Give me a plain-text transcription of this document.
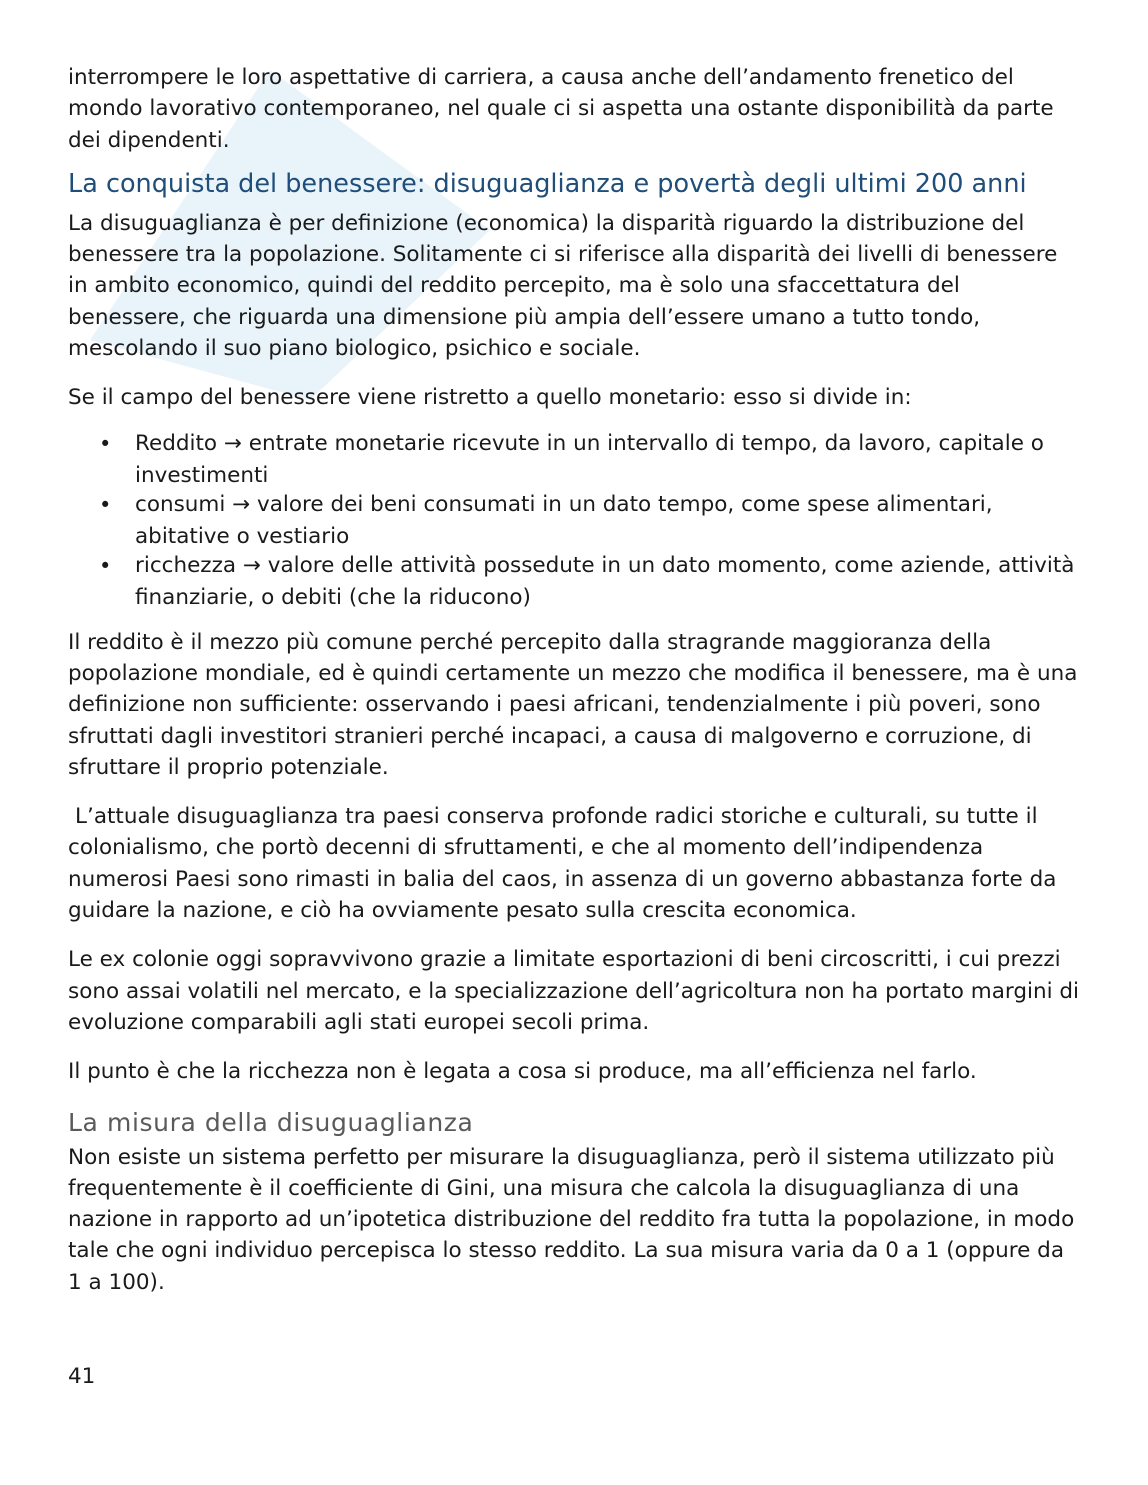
interrompere le loro aspettative di carriera, a causa anche dell’andamento frenetico del mondo lavorativo contemporaneo, nel quale ci si aspetta una ostante disponibilità da parte dei dipendenti.

La conquista del benessere: disuguaglianza e povertà degli ultimi 200 anni

La disuguaglianza è per definizione (economica) la disparità riguardo la distribuzione del benessere tra la popolazione. Solitamente ci si riferisce alla disparità dei livelli di benessere in ambito economico, quindi del reddito percepito, ma è solo una sfaccettatura del benessere, che riguarda una dimensione più ampia dell’essere umano a tutto tondo, mescolando il suo piano biologico, psichico e sociale.

Se il campo del benessere viene ristretto a quello monetario: esso si divide in:

• Reddito → entrate monetarie ricevute in un intervallo di tempo, da lavoro, capitale o investimenti
• consumi → valore dei beni consumati in un dato tempo, come spese alimentari, abitative o vestiario
• ricchezza → valore delle attività possedute in un dato momento, come aziende, attività finanziarie, o debiti (che la riducono)

Il reddito è il mezzo più comune perché percepito dalla stragrande maggioranza della popolazione mondiale, ed è quindi certamente un mezzo che modifica il benessere, ma è una definizione non sufficiente: osservando i paesi africani, tendenzialmente i più poveri, sono sfruttati dagli investitori stranieri perché incapaci, a causa di malgoverno e corruzione, di sfruttare il proprio potenziale.

L’attuale disuguaglianza tra paesi conserva profonde radici storiche e culturali, su tutte il colonialismo, che portò decenni di sfruttamenti, e che al momento dell’indipendenza numerosi Paesi sono rimasti in balia del caos, in assenza di un governo abbastanza forte da guidare la nazione, e ciò ha ovviamente pesato sulla crescita economica.

Le ex colonie oggi sopravvivono grazie a limitate esportazioni di beni circoscritti, i cui prezzi sono assai volatili nel mercato, e la specializzazione dell’agricoltura non ha portato margini di evoluzione comparabili agli stati europei secoli prima.

Il punto è che la ricchezza non è legata a cosa si produce, ma all’efficienza nel farlo.

La misura della disuguaglianza

Non esiste un sistema perfetto per misurare la disuguaglianza, però il sistema utilizzato più frequentemente è il coefficiente di Gini, una misura che calcola la disuguaglianza di una nazione in rapporto ad un’ipotetica distribuzione del reddito fra tutta la popolazione, in modo tale che ogni individuo percepisca lo stesso reddito. La sua misura varia da 0 a 1 (oppure da 1 a 100).

41
